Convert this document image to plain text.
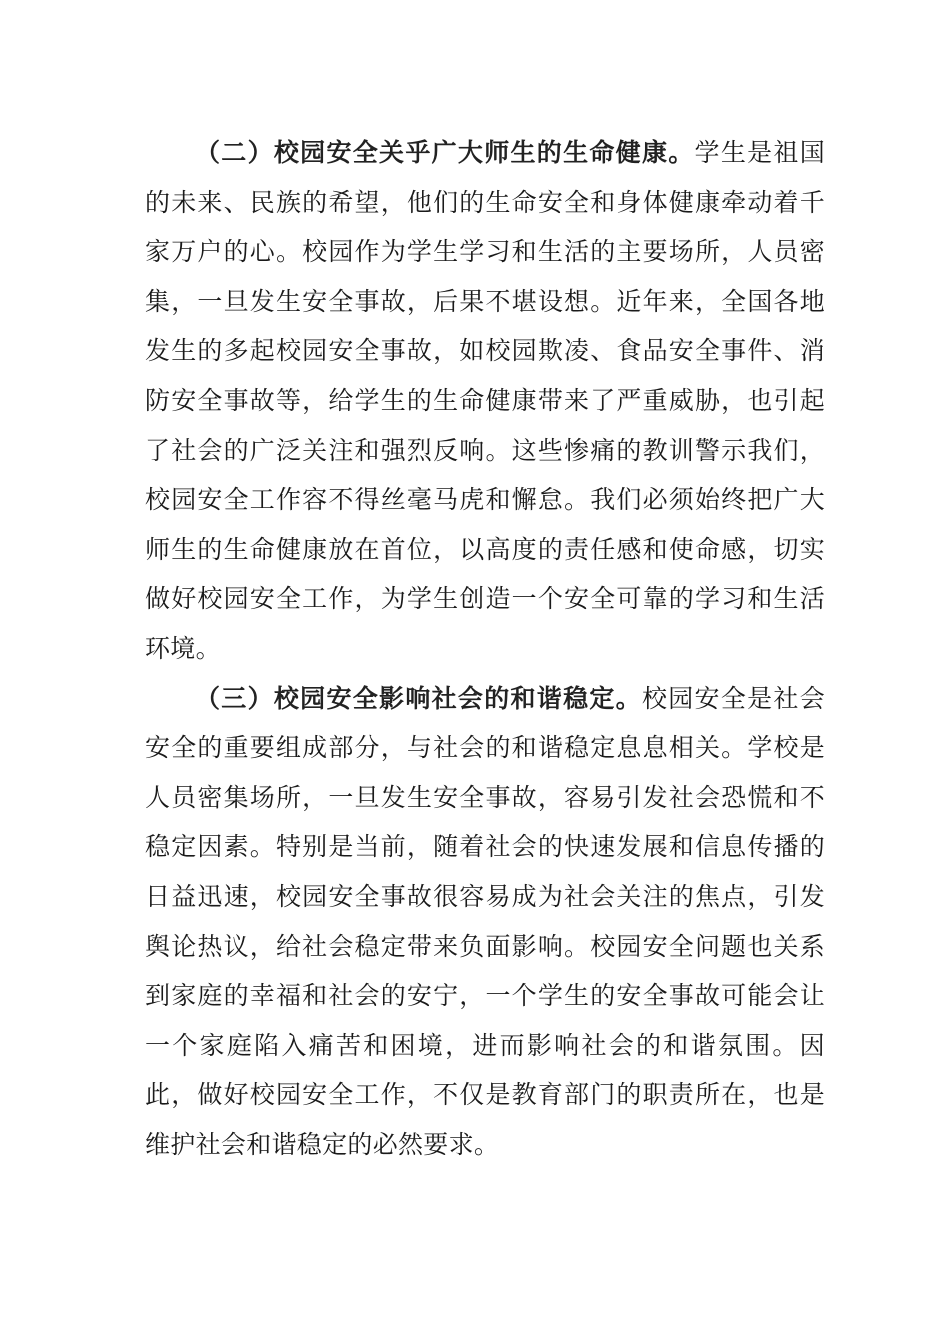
（二）校园安全关乎广大师生的生命健康。学生是祖国的未来、民族的希望，他们的生命安全和身体健康牵动着千家万户的心。校园作为学生学习和生活的主要场所，人员密集，一旦发生安全事故，后果不堪设想。近年来，全国各地发生的多起校园安全事故，如校园欺凌、食品安全事件、消防安全事故等，给学生的生命健康带来了严重威胁，也引起了社会的广泛关注和强烈反响。这些惨痛的教训警示我们，校园安全工作容不得丝毫马虎和懈怠。我们必须始终把广大师生的生命健康放在首位，以高度的责任感和使命感，切实做好校园安全工作，为学生创造一个安全可靠的学习和生活环境。

（三）校园安全影响社会的和谐稳定。校园安全是社会安全的重要组成部分，与社会的和谐稳定息息相关。学校是人员密集场所，一旦发生安全事故，容易引发社会恐慌和不稳定因素。特别是当前，随着社会的快速发展和信息传播的日益迅速，校园安全事故很容易成为社会关注的焦点，引发舆论热议，给社会稳定带来负面影响。校园安全问题也关系到家庭的幸福和社会的安宁，一个学生的安全事故可能会让一个家庭陷入痛苦和困境，进而影响社会的和谐氛围。因此，做好校园安全工作，不仅是教育部门的职责所在，也是维护社会和谐稳定的必然要求。
